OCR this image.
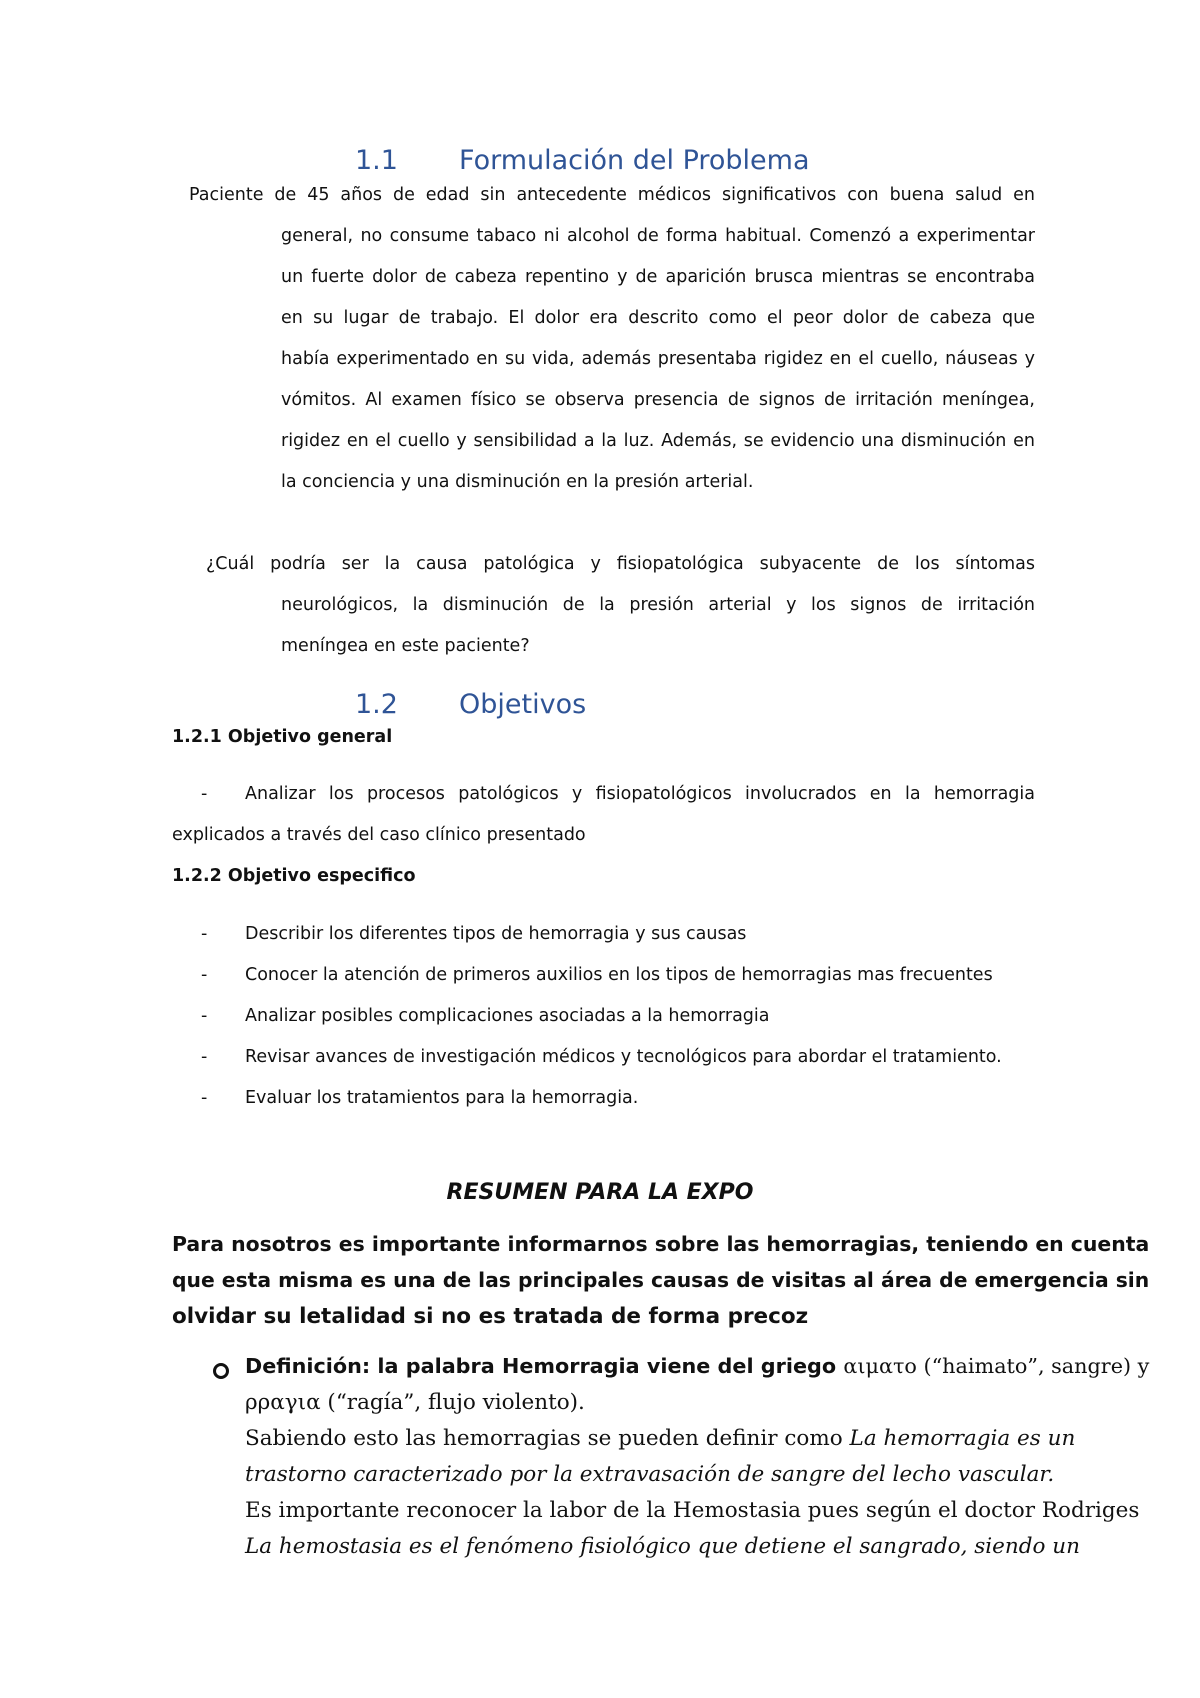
1.1 Formulación del Problema
Paciente de 45 años de edad sin antecedente médicos significativos con buena salud en
general, no consume tabaco ni alcohol de forma habitual. Comenzó a experimentar
un fuerte dolor de cabeza repentino y de aparición brusca mientras se encontraba
en su lugar de trabajo. El dolor era descrito como el peor dolor de cabeza que
había experimentado en su vida, además presentaba rigidez en el cuello, náuseas y
vómitos. Al examen físico se observa presencia de signos de irritación meníngea,
rigidez en el cuello y sensibilidad a la luz. Además, se evidencio una disminución en
la conciencia y una disminución en la presión arterial.
¿Cuál podría ser la causa patológica y fisiopatológica subyacente de los síntomas
neurológicos, la disminución de la presión arterial y los signos de irritación
meníngea en este paciente?
1.2 Objetivos
1.2.1 Objetivo general
- Analizar los procesos patológicos y fisiopatológicos involucrados en la hemorragia
explicados a través del caso clínico presentado
1.2.2 Objetivo especifico
- Describir los diferentes tipos de hemorragia y sus causas
- Conocer la atención de primeros auxilios en los tipos de hemorragias mas frecuentes
- Analizar posibles complicaciones asociadas a la hemorragia
- Revisar avances de investigación médicos y tecnológicos para abordar el tratamiento.
- Evaluar los tratamientos para la hemorragia.
RESUMEN PARA LA EXPO
Para nosotros es importante informarnos sobre las hemorragias, teniendo en cuenta
que esta misma es una de las principales causas de visitas al área de emergencia sin
olvidar su letalidad si no es tratada de forma precoz
Definición: la palabra Hemorragia viene del griego αιματο (“haimato”, sangre) y
ρραγια (“ragía”, flujo violento).
Sabiendo esto las hemorragias se pueden definir como La hemorragia es un
trastorno caracterizado por la extravasación de sangre del lecho vascular.
Es importante reconocer la labor de la Hemostasia pues según el doctor Rodriges
La hemostasia es el fenómeno fisiológico que detiene el sangrado, siendo un
